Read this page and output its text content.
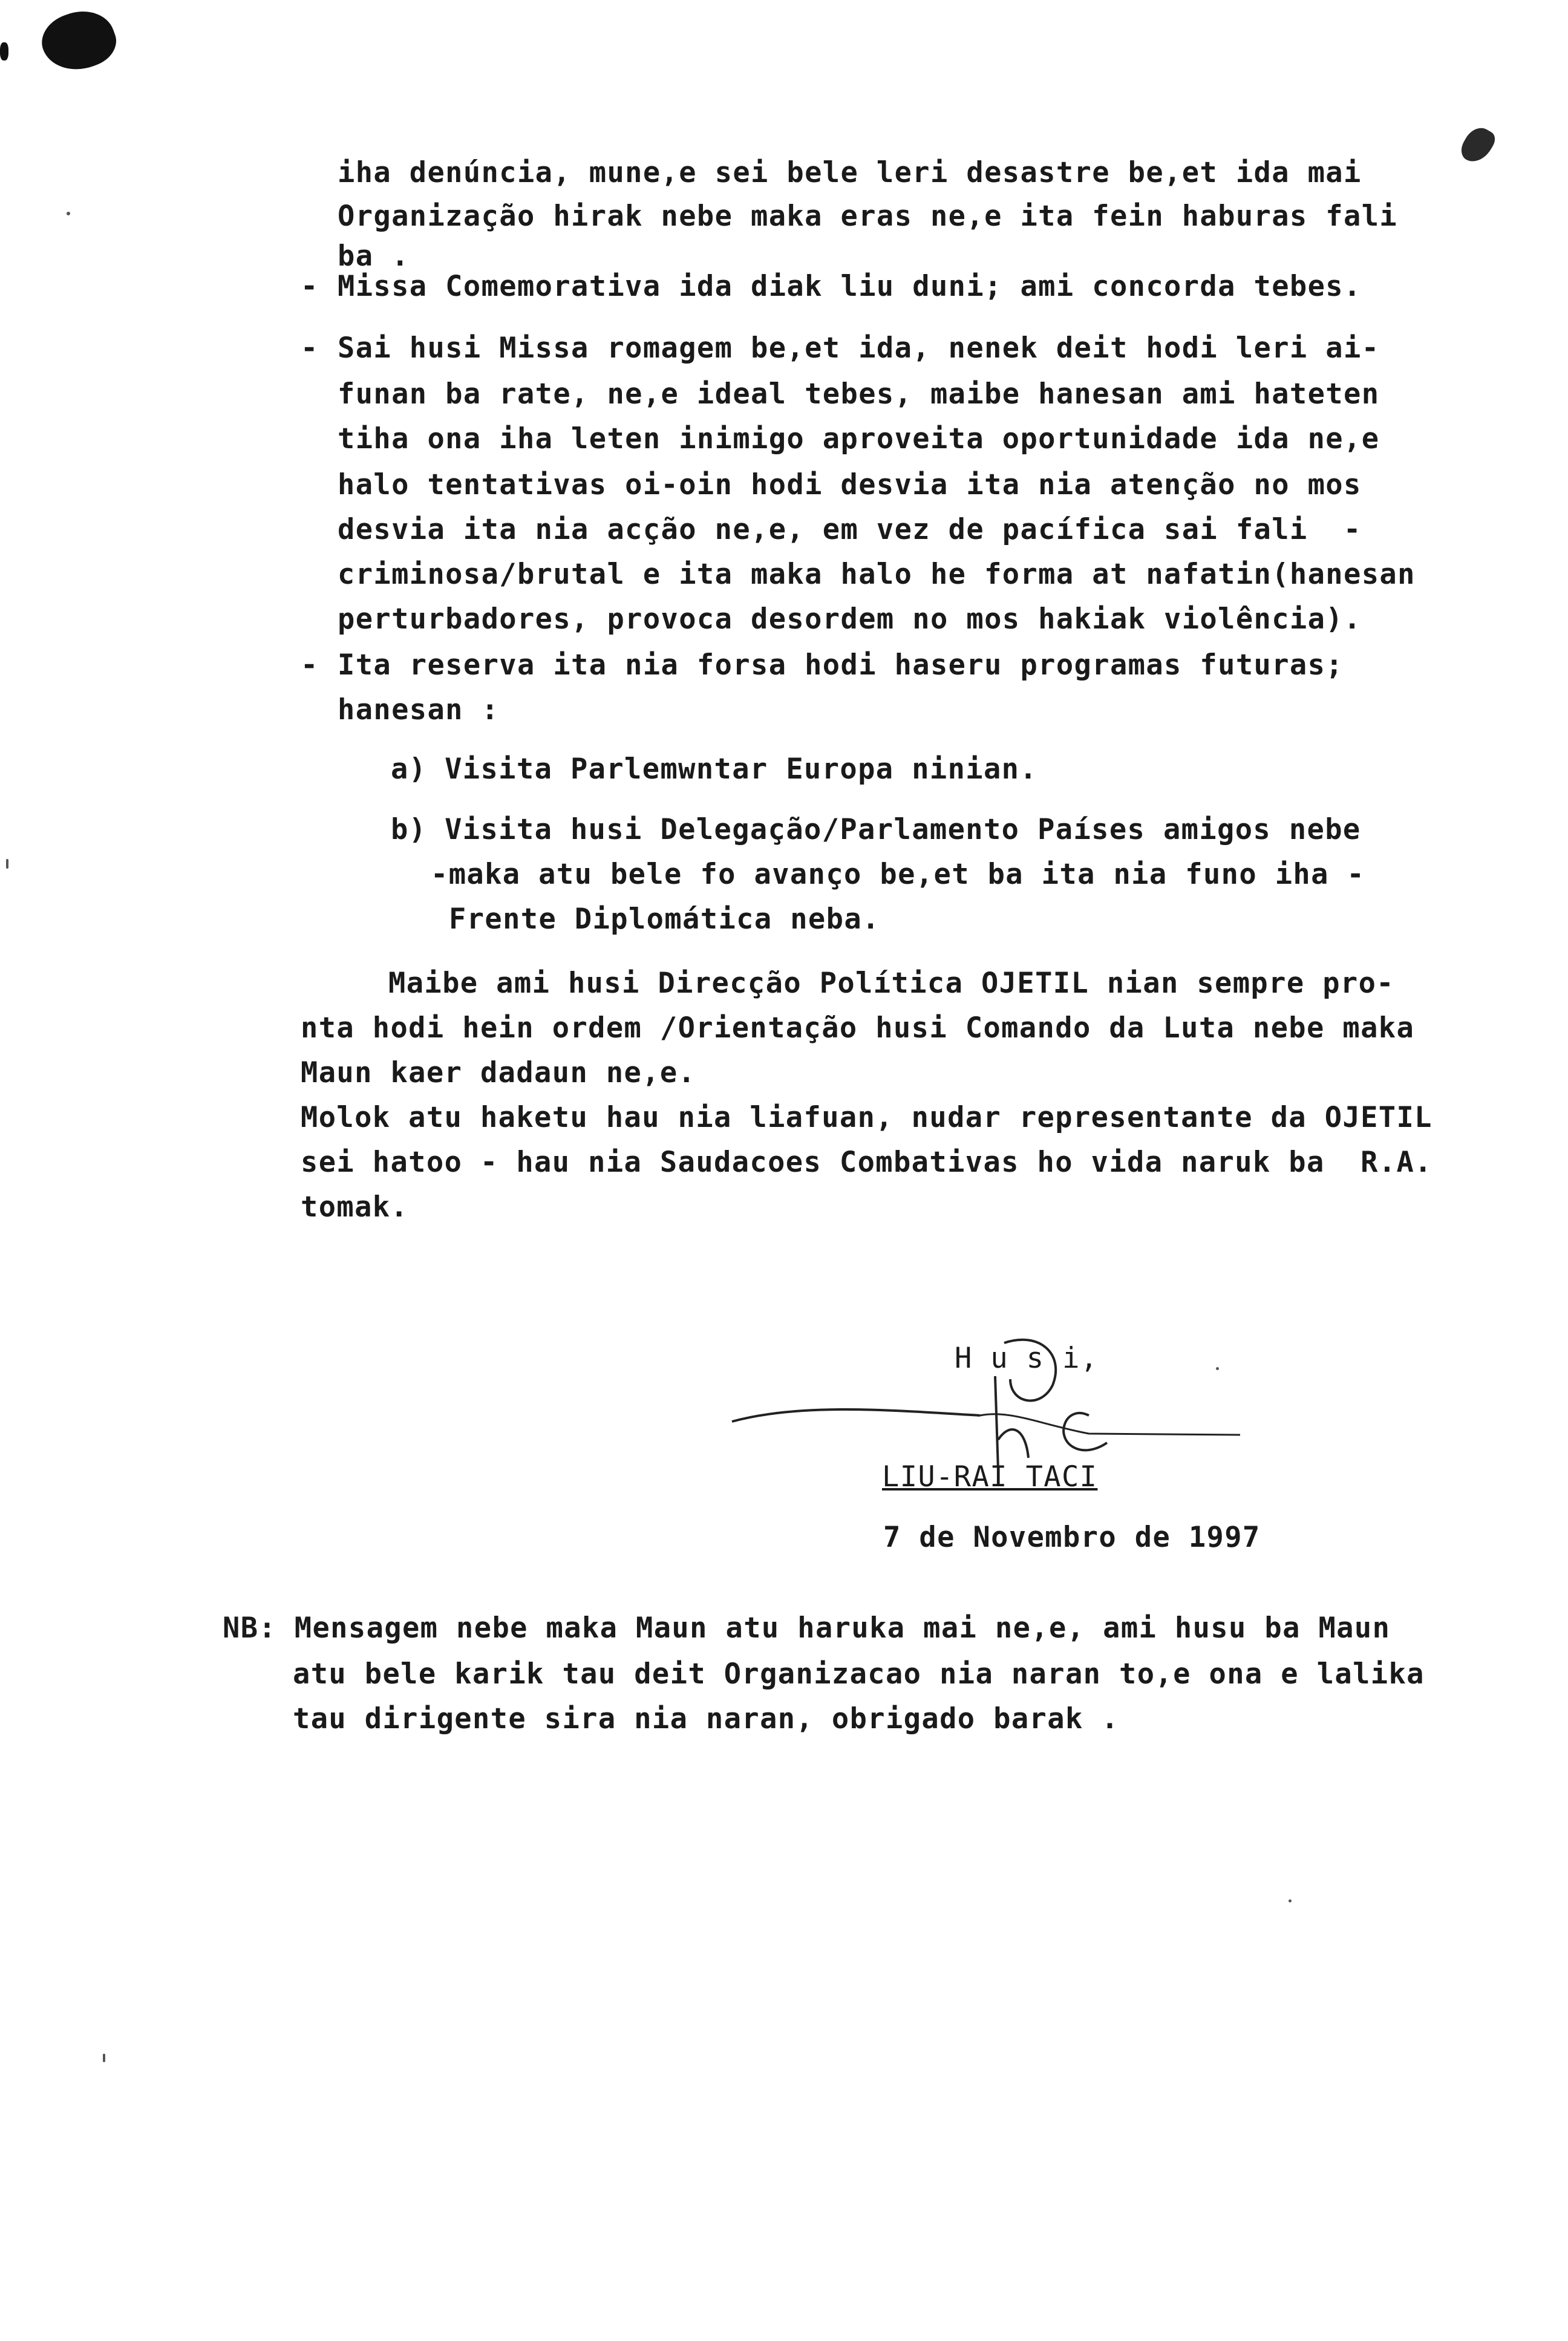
iha denúncia, mune,e sei bele leri desastre be,et ida mai
Organização hirak nebe maka eras ne,e ita fein haburas fali
ba .
- Missa Comemorativa ida diak liu duni; ami concorda tebes.
- Sai husi Missa romagem be,et ida, nenek deit hodi leri ai-
funan ba rate, ne,e ideal tebes, maibe hanesan ami hateten
tiha ona iha leten inimigo aproveita oportunidade ida ne,e
halo tentativas oi-oin hodi desvia ita nia atenção no mos
desvia ita nia acção ne,e, em vez de pacífica sai fali  -
criminosa/brutal e ita maka halo he forma at nafatin(hanesan
perturbadores, provoca desordem no mos hakiak violência).
- Ita reserva ita nia forsa hodi haseru programas futuras;
hanesan :
a) Visita Parlemwntar Europa ninian.
b) Visita husi Delegação/Parlamento Países amigos nebe
-maka atu bele fo avanço be,et ba ita nia funo iha -
Frente Diplomática neba.
Maibe ami husi Direcção Política OJETIL nian sempre pro-
nta hodi hein ordem /Orientação husi Comando da Luta nebe maka
Maun kaer dadaun ne,e.
Molok atu haketu hau nia liafuan, nudar representante da OJETIL
sei hatoo - hau nia Saudacoes Combativas ho vida naruk ba  R.A.
tomak.
H u s i,
LIU-RAI TACI
7 de Novembro de 1997
NB: Mensagem nebe maka Maun atu haruka mai ne,e, ami husu ba Maun
atu bele karik tau deit Organizacao nia naran to,e ona e lalika
tau dirigente sira nia naran, obrigado barak .
